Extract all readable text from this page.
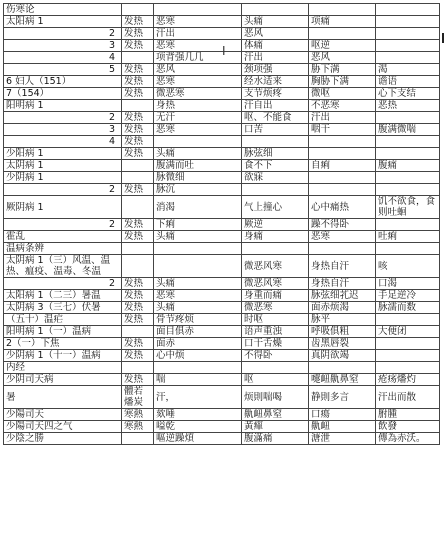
伤寒论					
太阳病 1	发热	恶寒	头痛	项痛	
2	发热	汗出	恶风		
3	发热	恶寒	体痛	呕逆	
4		项背强几几	汗出	恶风	
5	发热	恶风	颈项强	胁下满	渴
6 妇人（151）	发热	恶寒	经水适来	胸胁下满	谵语
7（154）	发热	微恶寒	支节烦疼	微呕	心下支结
阳明病 1		身热	汗自出	不恶寒	恶热
2	发热	无汗	呕、不能食	汗出	
3	发热	恶寒	口苦	咽干	腹满微喘
4	发热				
少阳病 1	发热	头痛	脉弦细		
太阴病 1		腹满而吐	食不下	自痢	腹痛
少阴病 1		脉微细	欲寐		
2	发热	脉沉			
厥阴病 1		消渴	气上撞心	心中痛热	饥不欲食，食则吐蛔
2	发热	下痢	厥逆	躁不得卧	
霍乱	发热	头痛	身痛	恶寒	吐痢
温病条辨					
太阴病 1（三）风温、温热、瘟疫、温毒、冬温			微恶风寒	身热自汗	咳
2	发热	头痛	微恶风寒	身热自汗	口渴
太阳病 1（二三）暑温	发热	恶寒	身重而痛	脉弦细芤迟	手足逆冷
太阴病 3（三七）伏暑	发热	头痛	微恶寒	面赤烦渴	脉濡而数
（五十）温疟	发热	骨节疼烦	时呕	脉平	
阳明病 1（一）温病		面目俱赤	语声重浊	呼吸俱粗	大便闭
2（一）下焦	发热	面赤	口干舌燥	齿黑唇裂	
少阴病 1（十一）温病	发热	心中烦	不得卧	真阴欲竭	
内经					
少阴司天病	发热	喘	呕	嚏衄鼽鼻窒	疮疡燔灼
暑	體若燔炭	汗，	烦則喘喝	静則多言	汗出而散
少陽司天	寒熱	欬唾	鼽衄鼻窒	口瘍	胕腫
少陽司天四之气	寒熱	嗌乾	黃癉	鼽衄	飲發
少陰之勝		嘔逆躁煩	腹滿痛	溏泄	傳為赤沃。
Ι
